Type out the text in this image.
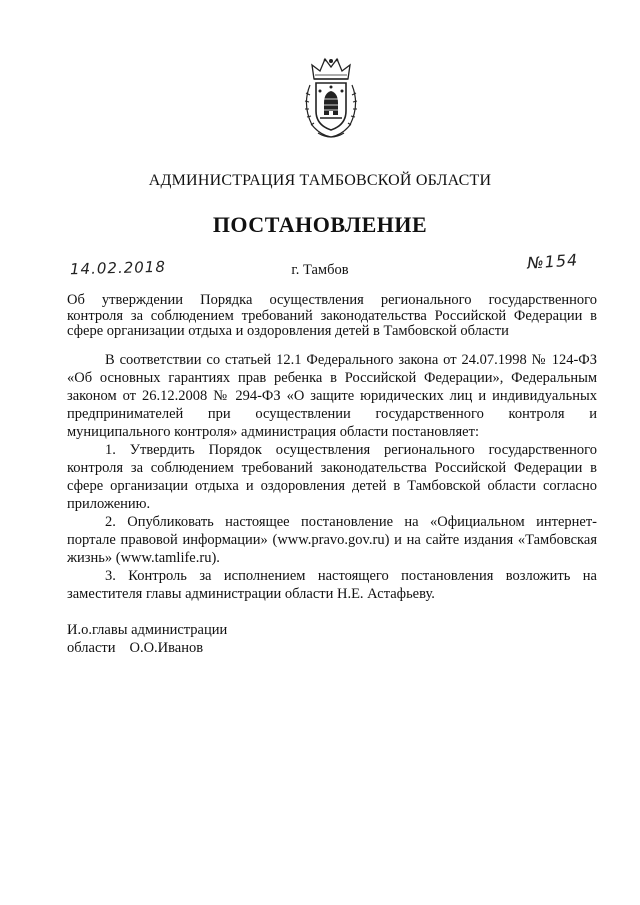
АДМИНИСТРАЦИЯ ТАМБОВСКОЙ ОБЛАСТИ
ПОСТАНОВЛЕНИЕ
14.02.2018	г. Тамбов	№154
Об утверждении Порядка осуществления регионального государственного
контроля за соблюдением требований законодательства Российской Федерации в
сфере организации отдыха и оздоровления детей в Тамбовской области

В соответствии со статьей 12.1 Федерального закона от 24.07.1998 № 124-ФЗ «Об основных гарантиях прав ребенка в Российской Федерации», Федеральным законом от 26.12.2008 № 294-ФЗ «О защите юридических лиц и индивидуальных предпринимателей при осуществлении государственного контроля и муниципального контроля» администрация области постановляет:

1. Утвердить Порядок осуществления регионального государственного контроля за соблюдением требований законодательства Российской Федерации в сфере организации отдыха и оздоровления детей в Тамбовской области согласно приложению.

2. Опубликовать настоящее постановление на «Официальном интернет-портале правовой информации» (www.pravo.gov.ru) и на сайте издания «Тамбовская жизнь» (www.tamlife.ru).

3. Контроль за исполнением настоящего постановления возложить на заместителя главы администрации области Н.Е. Астафьеву.

И.о.главы администрации
области О.О.Иванов
